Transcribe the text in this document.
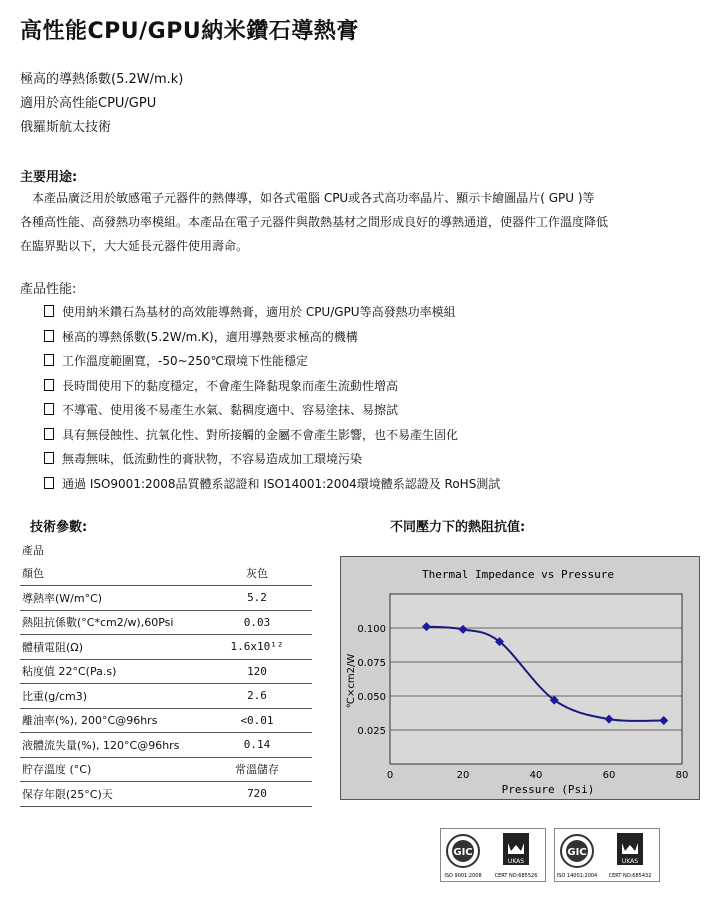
高性能CPU/GPU納米鑽石導熱膏
極高的導熱係數(5.2W/m.k)
適用於高性能CPU/GPU
俄羅斯航太技術
主要用途:
　本產品廣泛用於敏感電子元器件的熱傳導，如各式電腦 CPU或各式高功率晶片、顯示卡繪圖晶片( GPU )等
各種高性能、高發熱功率模組。本產品在電子元器件與散熱基材之間形成良好的導熱通道，使器件工作溫度降低
在臨界點以下，大大延長元器件使用壽命。
產品性能:
使用納米鑽石為基材的高效能導熱膏，適用於 CPU/GPU等高發熱功率模組
極高的導熱係數(5.2W/m.K)，適用導熱要求極高的機構
工作溫度範圍寬，-50~250℃環境下性能穩定
長時間使用下的黏度穩定，不會產生降黏現象而產生流動性增高
不導電、使用後不易產生水氣、黏稠度適中、容易塗抹、易擦試
具有無侵蝕性、抗氧化性、對所接觸的金屬不會產生影響，也不易產生固化
無毒無味，低流動性的膏狀物，不容易造成加工環境污染
通過 ISO9001:2008品質體系認證和 ISO14001:2004環境體系認證及 RoHS測試
技術參數:	不同壓力下的熱阻抗值:
產品	
顏色	灰色
導熱率(W/m°C)	5.2
熱阻抗係數(°C*cm2/w),60Psi	0.03
體積電阻(Ω)	1.6x10¹²
粘度值 22°C(Pa.s)	120
比重(g/cm3)	2.6
離油率(%), 200°C@96hrs	<0.01
液體流失量(%), 120°C@96hrs	0.14
貯存溫度 (°C)	常溫儲存
保存年限(25°C)天	720
Thermal Impedance vs Pressure
0.025
0.050
0.075
0.100
0	20	40	60	80
Pressure (Psi)
℃×cm2/W
GIC
UKAS
ISO 9001:2008	CERT NO:685526
GIC
UKAS
ISO 14001:2004 CERT NO:685432
